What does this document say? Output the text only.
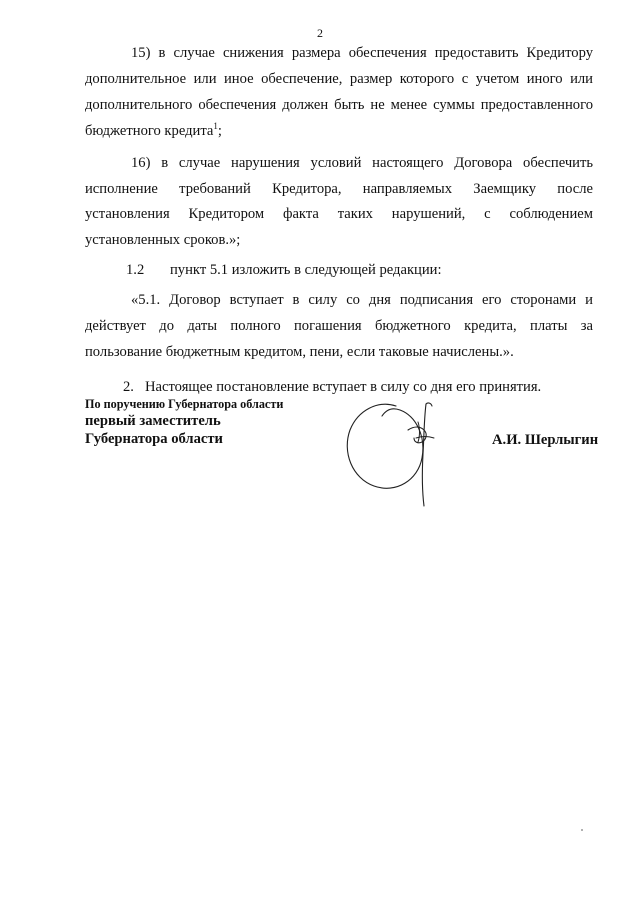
2

15) в случае снижения размера обеспечения предоставить Кредитору дополнительное или иное обеспечение, размер которого с учетом иного или дополнительного обеспечения должен быть не менее суммы предоставленного бюджетного кредита$^1$;

16) в случае нарушения условий настоящего Договора обеспечить исполнение требований Кредитора, направляемых Заемщику после установления Кредитором факта таких нарушений, с соблюдением установленных сроков.»;

1.2 пункт 5.1 изложить в следующей редакции:

«5.1. Договор вступает в силу со дня подписания его сторонами и действует до даты полного погашения бюджетного кредита, платы за пользование бюджетным кредитом, пени, если таковые начислены.».

2. Настоящее постановление вступает в силу со дня его принятия.

По поручению Губернатора области
первый заместитель
Губернатора области	А.И. Шерлыгин
